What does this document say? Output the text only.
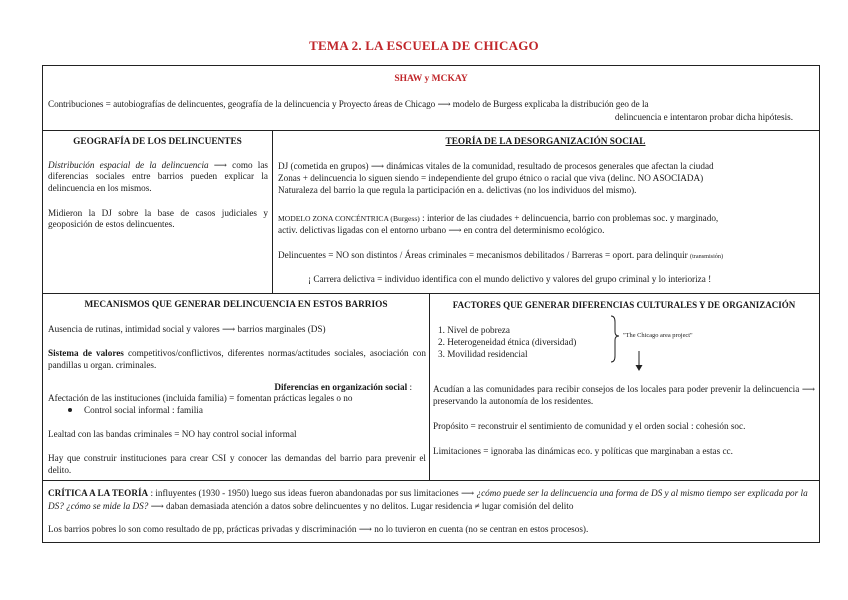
TEMA 2. LA ESCUELA DE CHICAGO
SHAW y MCKAY
Contribuciones = autobiografías de delincuentes, geografía de la delincuencia y Proyecto áreas de Chicago ⟶ modelo de Burgess explicaba la distribución geo de la
delincuencia e intentaron probar dicha hipótesis.
GEOGRAFÍA DE LOS DELINCUENTES
Distribución espacial de la delincuencia ⟶ como las diferencias sociales entre barrios pueden explicar la delincuencia en los mismos.
Midieron la DJ sobre la base de casos judiciales y geoposición de estos delincuentes.
TEORÍA DE LA DESORGANIZACIÓN SOCIAL
DJ (cometida en grupos) ⟶ dinámicas vitales de la comunidad, resultado de procesos generales que afectan la ciudad
Zonas + delincuencia lo siguen siendo = independiente del grupo étnico o racial que viva (delinc. NO ASOCIADA)
Naturaleza del barrio la que regula la participación en a. delictivas (no los individuos del mismo).
MODELO ZONA CONCÉNTRICA (Burgess) : interior de las ciudades + delincuencia, barrio con problemas soc. y marginado,
activ. delictivas ligadas con el entorno urbano ⟶ en contra del determinismo ecológico.
Delincuentes = NO son distintos / Áreas criminales = mecanismos debilitados / Barreras = oport. para delinquir (transmisión)
¡ Carrera delictiva = individuo identifica con el mundo delictivo y valores del grupo criminal y lo interioriza !
MECANISMOS QUE GENERAR DELINCUENCIA EN ESTOS BARRIOS
Ausencia de rutinas, intimidad social y valores ⟶ barrios marginales (DS)
Sistema de valores competitivos/conflictivos, diferentes normas/actitudes sociales, asociación con pandillas u organ. criminales.
Diferencias en organización social :
Afectación de las instituciones (incluida familia) = fomentan prácticas legales o no
Control social informal : familia
Lealtad con las bandas criminales = NO hay control social informal
Hay que construir instituciones para crear CSI y conocer las demandas del barrio para prevenir el delito.
FACTORES QUE GENERAR DIFERENCIAS CULTURALES Y DE ORGANIZACIÓN
1. Nivel de pobreza
2. Heterogeneidad étnica (diversidad)
3. Movilidad residencial
"The Chicago area project"
Acudían a las comunidades para recibir consejos de los locales para poder prevenir la delincuencia ⟶ preservando la autonomía de los residentes.
Propósito = reconstruir el sentimiento de comunidad y el orden social : cohesión soc.
Limitaciones = ignoraba las dinámicas eco. y políticas que marginaban a estas cc.
CRÍTICA A LA TEORÍA : influyentes (1930 - 1950) luego sus ideas fueron abandonadas por sus limitaciones ⟶ ¿cómo puede ser la delincuencia una forma de DS y al mismo tiempo ser explicada por la DS? ¿cómo se mide la DS? ⟶ daban demasiada atención a datos sobre delincuentes y no delitos. Lugar residencia ≠ lugar comisión del delito
Los barrios pobres lo son como resultado de pp, prácticas privadas y discriminación ⟶ no lo tuvieron en cuenta (no se centran en estos procesos).
